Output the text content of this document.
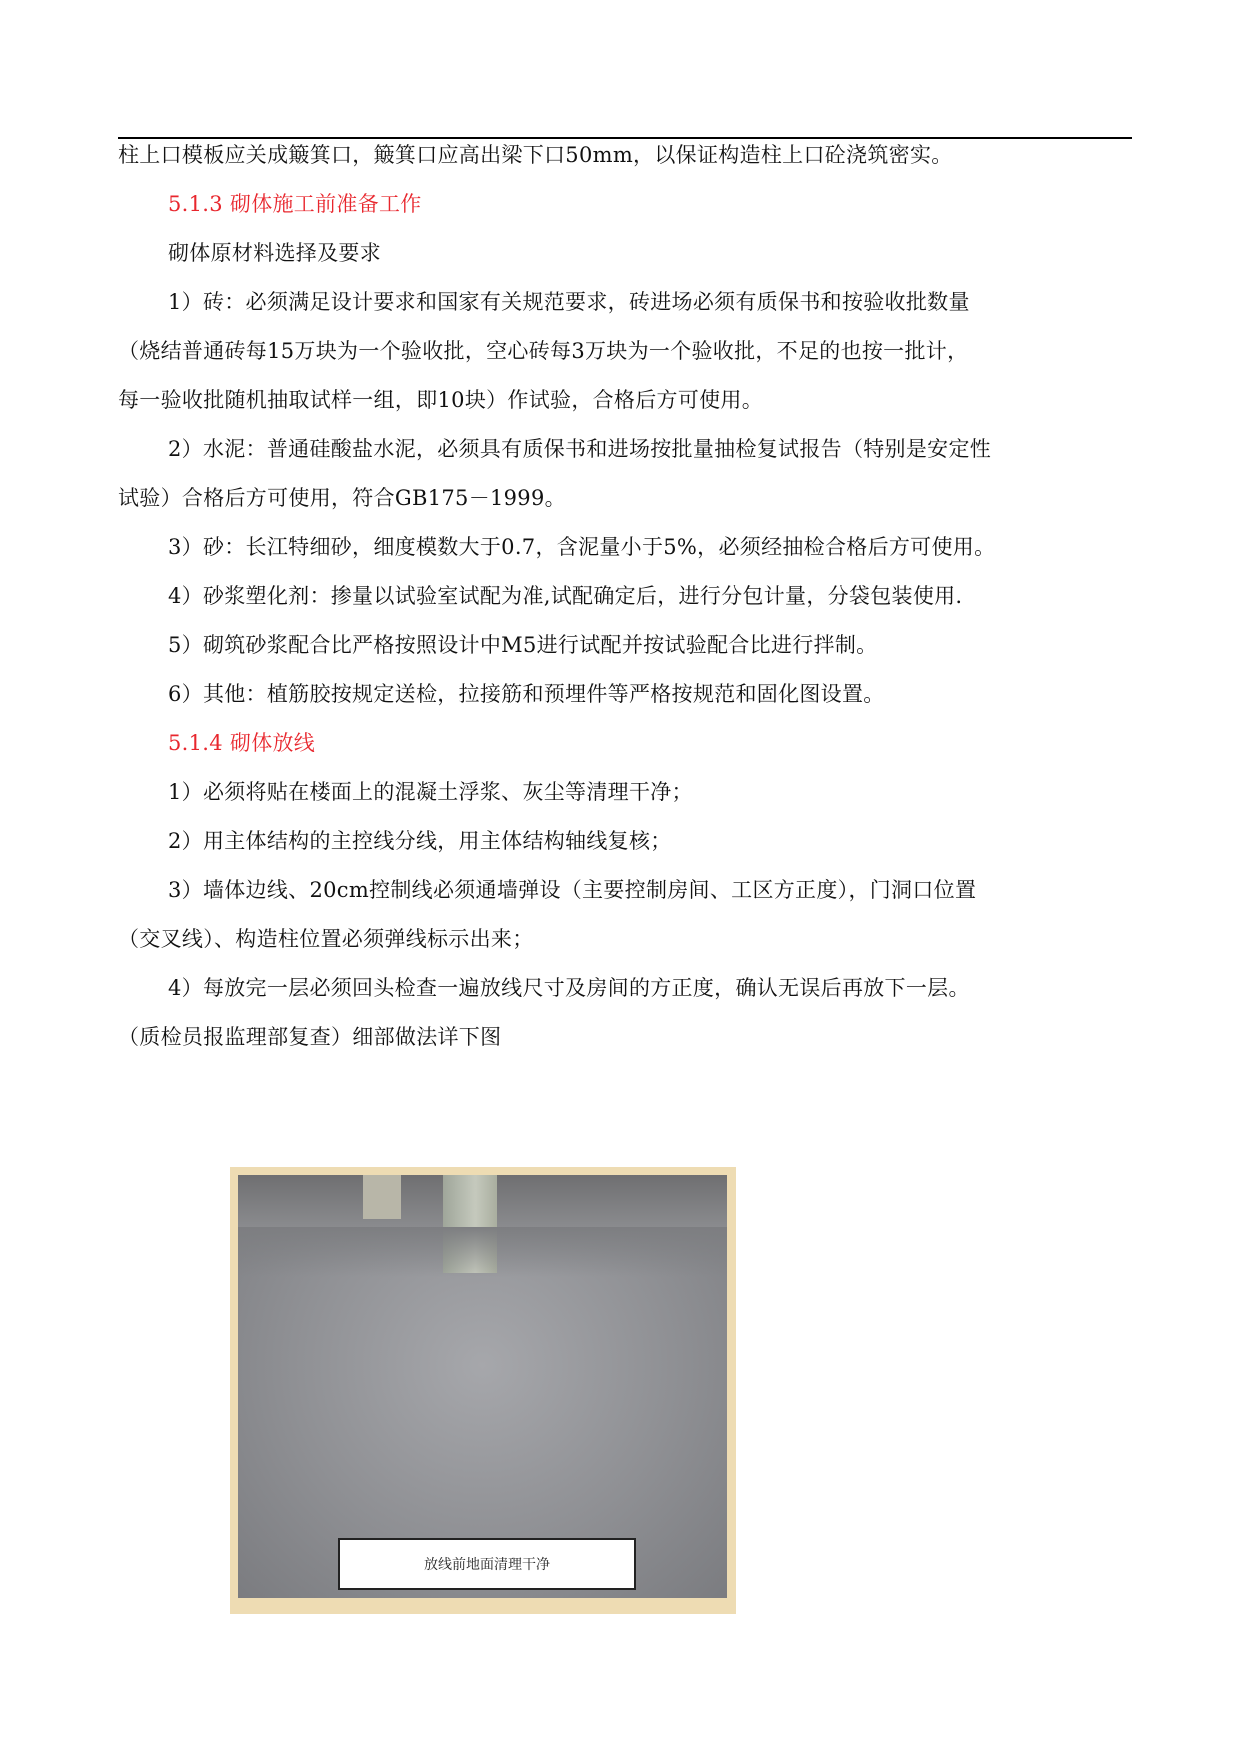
柱上口模板应关成簸箕口，簸箕口应高出梁下口50mm，以保证构造柱上口砼浇筑密实。
5.1.3 砌体施工前准备工作
砌体原材料选择及要求
1）砖：必须满足设计要求和国家有关规范要求，砖进场必须有质保书和按验收批数量
（烧结普通砖每15万块为一个验收批，空心砖每3万块为一个验收批，不足的也按一批计，
每一验收批随机抽取试样一组，即10块）作试验，合格后方可使用。
2）水泥：普通硅酸盐水泥，必须具有质保书和进场按批量抽检复试报告（特别是安定性
试验）合格后方可使用，符合GB175－1999。
3）砂：长江特细砂，细度模数大于0.7，含泥量小于5%，必须经抽检合格后方可使用。
4）砂浆塑化剂：掺量以试验室试配为准,试配确定后，进行分包计量，分袋包装使用.
5）砌筑砂浆配合比严格按照设计中M5进行试配并按试验配合比进行拌制。
6）其他：植筋胶按规定送检，拉接筋和预埋件等严格按规范和固化图设置。
5.1.4 砌体放线
1）必须将贴在楼面上的混凝土浮浆、灰尘等清理干净；
2）用主体结构的主控线分线，用主体结构轴线复核；
3）墙体边线、20cm控制线必须通墙弹设（主要控制房间、工区方正度），门洞口位置
（交叉线）、构造柱位置必须弹线标示出来；
4）每放完一层必须回头检查一遍放线尺寸及房间的方正度，确认无误后再放下一层。
（质检员报监理部复查）细部做法详下图
放线前地面清理干净
